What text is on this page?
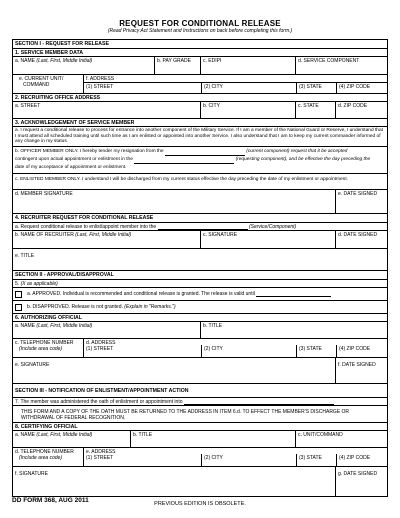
REQUEST FOR CONDITIONAL RELEASE
(Read Privacy Act Statement and Instructions on back before completing this form.)
SECTION I - REQUEST FOR RELEASE
1. SERVICE MEMBER DATA
a. NAME (Last, First, Middle Initial)	b. PAY GRADE	c. EDIPI	d. SERVICE COMPONENT
e. CURRENT UNIT/
COMMAND
f. ADDRESS
(1) STREET	(2) CITY	(3) STATE	(4) ZIP CODE
2. RECRUITING OFFICE ADDRESS
a. STREET	b. CITY	c. STATE	d. ZIP CODE
3. ACKNOWLEDGEMENT OF SERVICE MEMBER
a. I request a conditional release to process for entrance into another component of the Military Service. If I am a member of the National Guard or Reserve, I understand that I must attend all scheduled training until such time as I am enlisted or appointed into another Service. I also understand that I am to keep my current commander informed of any change in my status.
b. OFFICER MEMBER ONLY. I hereby tender my resignation from the	(current component) request that it be accepted
contingent upon actual appointment or enlistment in the	(requesting component), and be effective the day preceding the
date of my acceptance of appointment or enlistment.
c. ENLISTED MEMBER ONLY. I understand I will be discharged from my current status effective the day preceding the date of my enlistment or appointment.
d. MEMBER SIGNATURE	e. DATE SIGNED
4. RECRUITER REQUEST FOR CONDITIONAL RELEASE
a. Request conditional release to enlist/appoint member into the	(Service/Component)
b. NAME OF RECRUITER (Last, First, Middle Initial)	c. SIGNATURE	d. DATE SIGNED
e. TITLE
SECTION II - APPROVAL/DISAPPROVAL
5. (X as applicable)
a. APPROVED. Individual is recommended and conditional release is granted. The release is valid until
b. DISAPPROVED. Release is not granted. (Explain in "Remarks.")
6. AUTHORIZING OFFICIAL
a. NAME (Last, First, Middle Initial)	b. TITLE
c. TELEPHONE NUMBER
(Include area code)
d. ADDRESS
(1) STREET	(2) CITY	(3) STATE	(4) ZIP CODE
e. SIGNATURE	f. DATE SIGNED
SECTION III - NOTIFICATION OF ENLISTMENT/APPOINTMENT ACTION
7. The member was administered the oath of enlistment or appointment into
THIS FORM AND A COPY OF THE OATH MUST BE RETURNED TO THE ADDRESS IN ITEM 6.d. TO EFFECT THE MEMBER'S DISCHARGE OR WITHDRAWAL OF FEDERAL RECOGNITION.
8. CERTIFYING OFFICIAL
a. NAME (Last, First, Middle Initial)	b. TITLE	c. UNIT/COMMAND
d. TELEPHONE NUMBER
(Include area code)
e. ADDRESS
(1) STREET	(2) CITY	(3) STATE	(4) ZIP CODE
f. SIGNATURE	g. DATE SIGNED
DD FORM 368, AUG 2011	PREVIOUS EDITION IS OBSOLETE.
